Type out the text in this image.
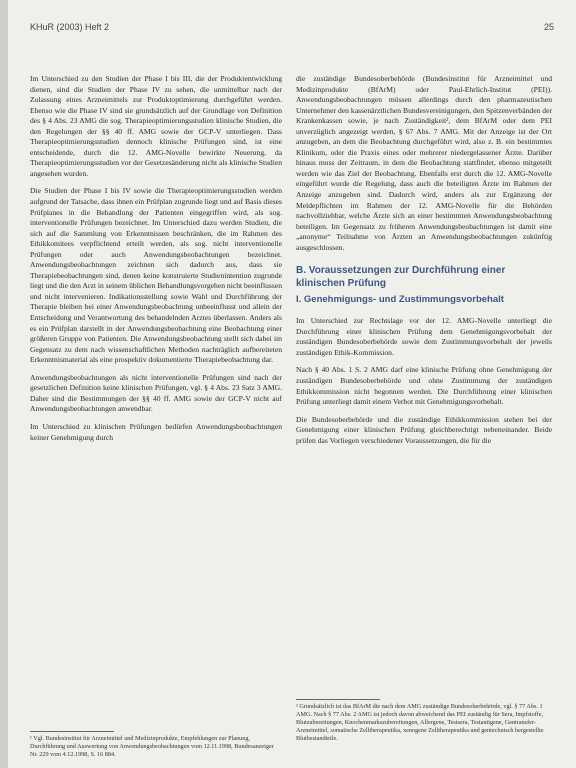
KHuR (2003) Heft 2	25

Im Unterschied zu den Studien der Phase I bis III, die der Produktentwicklung dienen, sind die Studien der Phase IV zu sehen, die unmittelbar nach der Zulassung eines Arzneimittels zur Produktoptimierung durchgeführt werden. Ebenso wie die Phase IV sind sie grundsätzlich auf der Grundlage von Definition des § 4 Abs. 23 AMG die sog. Therapieoptimierungsstudien klinische Studien, die den Regelungen der §§ 40 ff. AMG sowie der GCP-V unterliegen. Dass Therapieoptimierungsstudien dennoch klinische Prüfungen sind, ist eine entscheidende, durch die 12. AMG-Novelle bewirkte Neuerung, da Therapieoptimierungsstudien vor der Gesetzesänderung nicht als klinische Studien angesehen wurden.

Die Studien der Phase I bis IV sowie die Therapieoptimierungsstudien werden aufgrund der Tatsache, dass ihnen ein Prüfplan zugrunde liegt und auf Basis dieses Prüfplanes in die Behandlung der Patienten eingegriffen wird, als sog. interventionelle Prüfungen bezeichnet. Im Unterschied dazu werden Studien, die sich auf die Sammlung von Erkenntnissen beschränken, die im Rahmen des Ethikkomitees verpflichtend erteilt werden, als sog. nicht interventionelle Prüfungen oder auch Anwendungsbeobachtungen bezeichnet. Anwendungsbeobachtungen zeichnen sich dadurch aus, dass sie Therapiebeobachtungen sind, denen keine konstruierte Studienintention zugrunde liegt und die den Arzt in seinem üblichen Behandlungsvorgehen nicht beeinflussen und nicht intervenieren. Indikationsstellung sowie Wahl und Durchführung der Therapie bleiben bei einer Anwendungsbeobachtung unbeeinflusst und allein der Entscheidung und Verantwortung des behandelnden Arztes überlassen. Anders als es ein Prüfplan darstellt in der Anwendungsbeobachtung eine Beobachtung einer größeren Gruppe von Patienten. Die Anwendungsbeobachtung stellt sich dabei im Gegensatz zu dem nach wissenschaftlichen Methoden nachträglich aufbereiteten Erkenntnismaterial als eine prospektiv dokumentierte Therapiebeobachtung dar.

Anwendungsbeobachtungen als nicht interventionelle Prüfungen sind nach der gesetzlichen Definition keine klinischen Prüfungen, vgl. § 4 Abs. 23 Satz 3 AMG. Daher sind die Bestimmungen der §§ 40 ff. AMG sowie der GCP-V nicht auf Anwendungsbeobachtungen anwendbar.

Im Unterschied zu klinischen Prüfungen bedürfen Anwendungsbeobachtungen keiner Genehmigung durch

¹ Vgl. Bundesinstitut für Arzneimittel und Medizinprodukte, Empfehlungen zur Planung, Durchführung und Auswertung von Anwendungsbeobachtungen vom 12.11.1998, Bundesanzeiger Nr. 229 vom 4.12.1998, S. 16 884.

die zuständige Bundesoberbehörde (Bundesinstitut für Arzneimittel und Medizinprodukte (BfArM) oder Paul-Ehrlich-Institut (PEI)). Anwendungsbeobachtungen müssen allerdings durch den pharmazeutischen Unternehmer den kassenärztlichen Bundesvereinigungen, den Spitzenverbänden der Krankenkassen sowie, je nach Zuständigkeit², dem BfArM oder dem PEI unverzüglich angezeigt werden, § 67 Abs. 7 AMG. Mit der Anzeige ist der Ort anzugeben, an dem die Beobachtung durchgeführt wird, also z. B. ein bestimmtes Klinikum, oder die Praxis eines oder mehrerer niedergelassener Ärzte. Darüber hinaus muss der Zeitraum, in dem die Beobachtung stattfindet, ebenso mitgeteilt werden wie das Ziel der Beobachtung. Ebenfalls erst durch die 12. AMG-Novelle eingeführt wurde die Regelung, dass auch die beteiligten Ärzte im Rahmen der Anzeige anzugeben sind. Dadurch wird, anders als zur Ergänzung der Meldepflichten im Rahmen der 12. AMG-Novelle für die Behörden nachvollziehbar, welche Ärzte sich an einer bestimmten Anwendungsbeobachtung beteiligen. Im Gegensatz zu früheren Anwendungsbeobachtungen ist damit eine „anonyme“ Teilnahme von Ärzten an Anwendungsbeobachtungen zukünftig ausgeschlossen.

B. Voraussetzungen zur Durchführung einer klinischen Prüfung
I. Genehmigungs- und Zustimmungsvorbehalt

Im Unterschied zur Rechtslage vor der 12. AMG-Novelle unterliegt die Durchführung einer klinischen Prüfung dem Genehmigungsvorbehalt der zuständigen Bundesoberbehörde sowie dem Zustimmungsvorbehalt der jeweils zuständigen Ethik-Kommission.

Nach § 40 Abs. 1 S. 2 AMG darf eine klinische Prüfung ohne Genehmigung der zuständigen Bundesoberbehörde und ohne Zustimmung der zuständigen Ethikkommission nicht begonnen werden. Die Durchführung einer klinischen Prüfung unterliegt damit einem Verbot mit Genehmigungsvorbehalt.

Die Bundesoberbehörde und die zuständige Ethikkommission stehen bei der Genehmigung einer klinischen Prüfung gleichberechtigt nebeneinander. Beide prüfen das Vorliegen verschiedener Voraussetzungen, die für die

² Grundsätzlich ist das BfArM die nach dem AMG zuständige Bundesoberbehörde, vgl. § 77 Abs. 1 AMG. Nach § 77 Abs. 2 AMG ist jedoch davon abweichend das PEI zuständig für Sera, Impfstoffe, Blutzubereitungen, Knochenmarkszubereitungen, Allergene, Testsera, Testantigene, Gentransfer-Arzneimittel, somatische Zelltherapeutika, xenogene Zelltherapeutika und gentechnisch hergestellte Blutbestandteile.
